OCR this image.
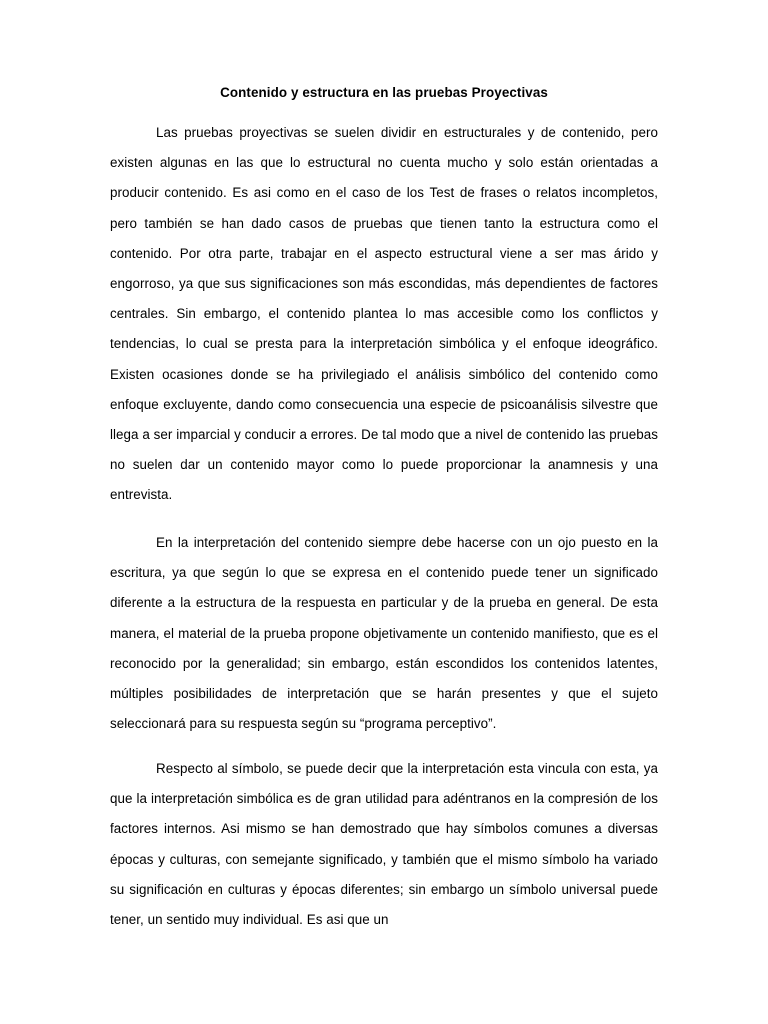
Contenido y estructura en las pruebas Proyectivas

Las pruebas proyectivas se suelen dividir en estructurales y de contenido, pero existen algunas en las que lo estructural no cuenta mucho y solo están orientadas a producir contenido. Es asi como en el caso de los Test de frases o relatos incompletos, pero también se han dado casos de pruebas que tienen tanto la estructura como el contenido. Por otra parte, trabajar en el aspecto estructural viene a ser mas árido y engorroso, ya que sus significaciones son más escondidas, más dependientes de factores centrales. Sin embargo, el contenido plantea lo mas accesible como los conflictos y tendencias, lo cual se presta para la interpretación simbólica y el enfoque ideográfico. Existen ocasiones donde se ha privilegiado el análisis simbólico del contenido como enfoque excluyente, dando como consecuencia una especie de psicoanálisis silvestre que llega a ser imparcial y conducir a errores. De tal modo que a nivel de contenido las pruebas no suelen dar un contenido mayor como lo puede proporcionar la anamnesis y una entrevista.

En la interpretación del contenido siempre debe hacerse con un ojo puesto en la escritura, ya que según lo que se expresa en el contenido puede tener un significado diferente a la estructura de la respuesta en particular y de la prueba en general. De esta manera, el material de la prueba propone objetivamente un contenido manifiesto, que es el reconocido por la generalidad; sin embargo, están escondidos los contenidos latentes, múltiples posibilidades de interpretación que se harán presentes y que el sujeto seleccionará para su respuesta según su “programa perceptivo”.

Respecto al símbolo, se puede decir que la interpretación esta vincula con esta, ya que la interpretación simbólica es de gran utilidad para adéntranos en la compresión de los factores internos. Asi mismo se han demostrado que hay símbolos comunes a diversas épocas y culturas, con semejante significado, y también que el mismo símbolo ha variado su significación en culturas y épocas diferentes; sin embargo un símbolo universal puede tener, un sentido muy individual. Es asi que un
